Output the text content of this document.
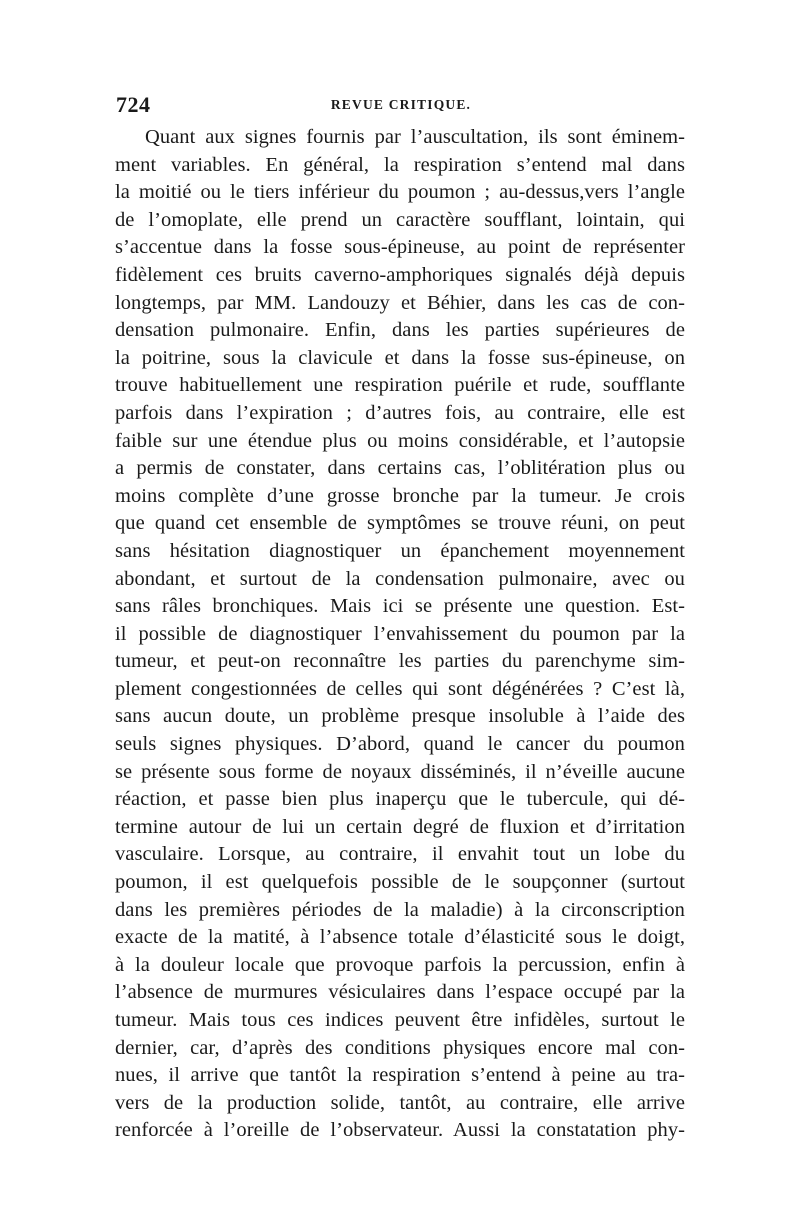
724	REVUE CRITIQUE.
Quant aux signes fournis par l’auscultation, ils sont éminem-
ment variables. En général, la respiration s’entend mal dans
la moitié ou le tiers inférieur du poumon ; au-dessus,vers l’angle
de l’omoplate, elle prend un caractère soufflant, lointain, qui
s’accentue dans la fosse sous-épineuse, au point de représenter
fidèlement ces bruits caverno-amphoriques signalés déjà depuis
longtemps, par MM. Landouzy et Béhier, dans les cas de con-
densation pulmonaire. Enfin, dans les parties supérieures de
la poitrine, sous la clavicule et dans la fosse sus-épineuse, on
trouve habituellement une respiration puérile et rude, soufflante
parfois dans l’expiration ; d’autres fois, au contraire, elle est
faible sur une étendue plus ou moins considérable, et l’autopsie
a permis de constater, dans certains cas, l’oblitération plus ou
moins complète d’une grosse bronche par la tumeur. Je crois
que quand cet ensemble de symptômes se trouve réuni, on peut
sans hésitation diagnostiquer un épanchement moyennement
abondant, et surtout de la condensation pulmonaire, avec ou
sans râles bronchiques. Mais ici se présente une question. Est-
il possible de diagnostiquer l’envahissement du poumon par la
tumeur, et peut-on reconnaître les parties du parenchyme sim-
plement congestionnées de celles qui sont dégénérées ? C’est là,
sans aucun doute, un problème presque insoluble à l’aide des
seuls signes physiques. D’abord, quand le cancer du poumon
se présente sous forme de noyaux disséminés, il n’éveille aucune
réaction, et passe bien plus inaperçu que le tubercule, qui dé-
termine autour de lui un certain degré de fluxion et d’irritation
vasculaire. Lorsque, au contraire, il envahit tout un lobe du
poumon, il est quelquefois possible de le soupçonner (surtout
dans les premières périodes de la maladie) à la circonscription
exacte de la matité, à l’absence totale d’élasticité sous le doigt,
à la douleur locale que provoque parfois la percussion, enfin à
l’absence de murmures vésiculaires dans l’espace occupé par la
tumeur. Mais tous ces indices peuvent être infidèles, surtout le
dernier, car, d’après des conditions physiques encore mal con-
nues, il arrive que tantôt la respiration s’entend à peine au tra-
vers de la production solide, tantôt, au contraire, elle arrive
renforcée à l’oreille de l’observateur. Aussi la constatation phy-
